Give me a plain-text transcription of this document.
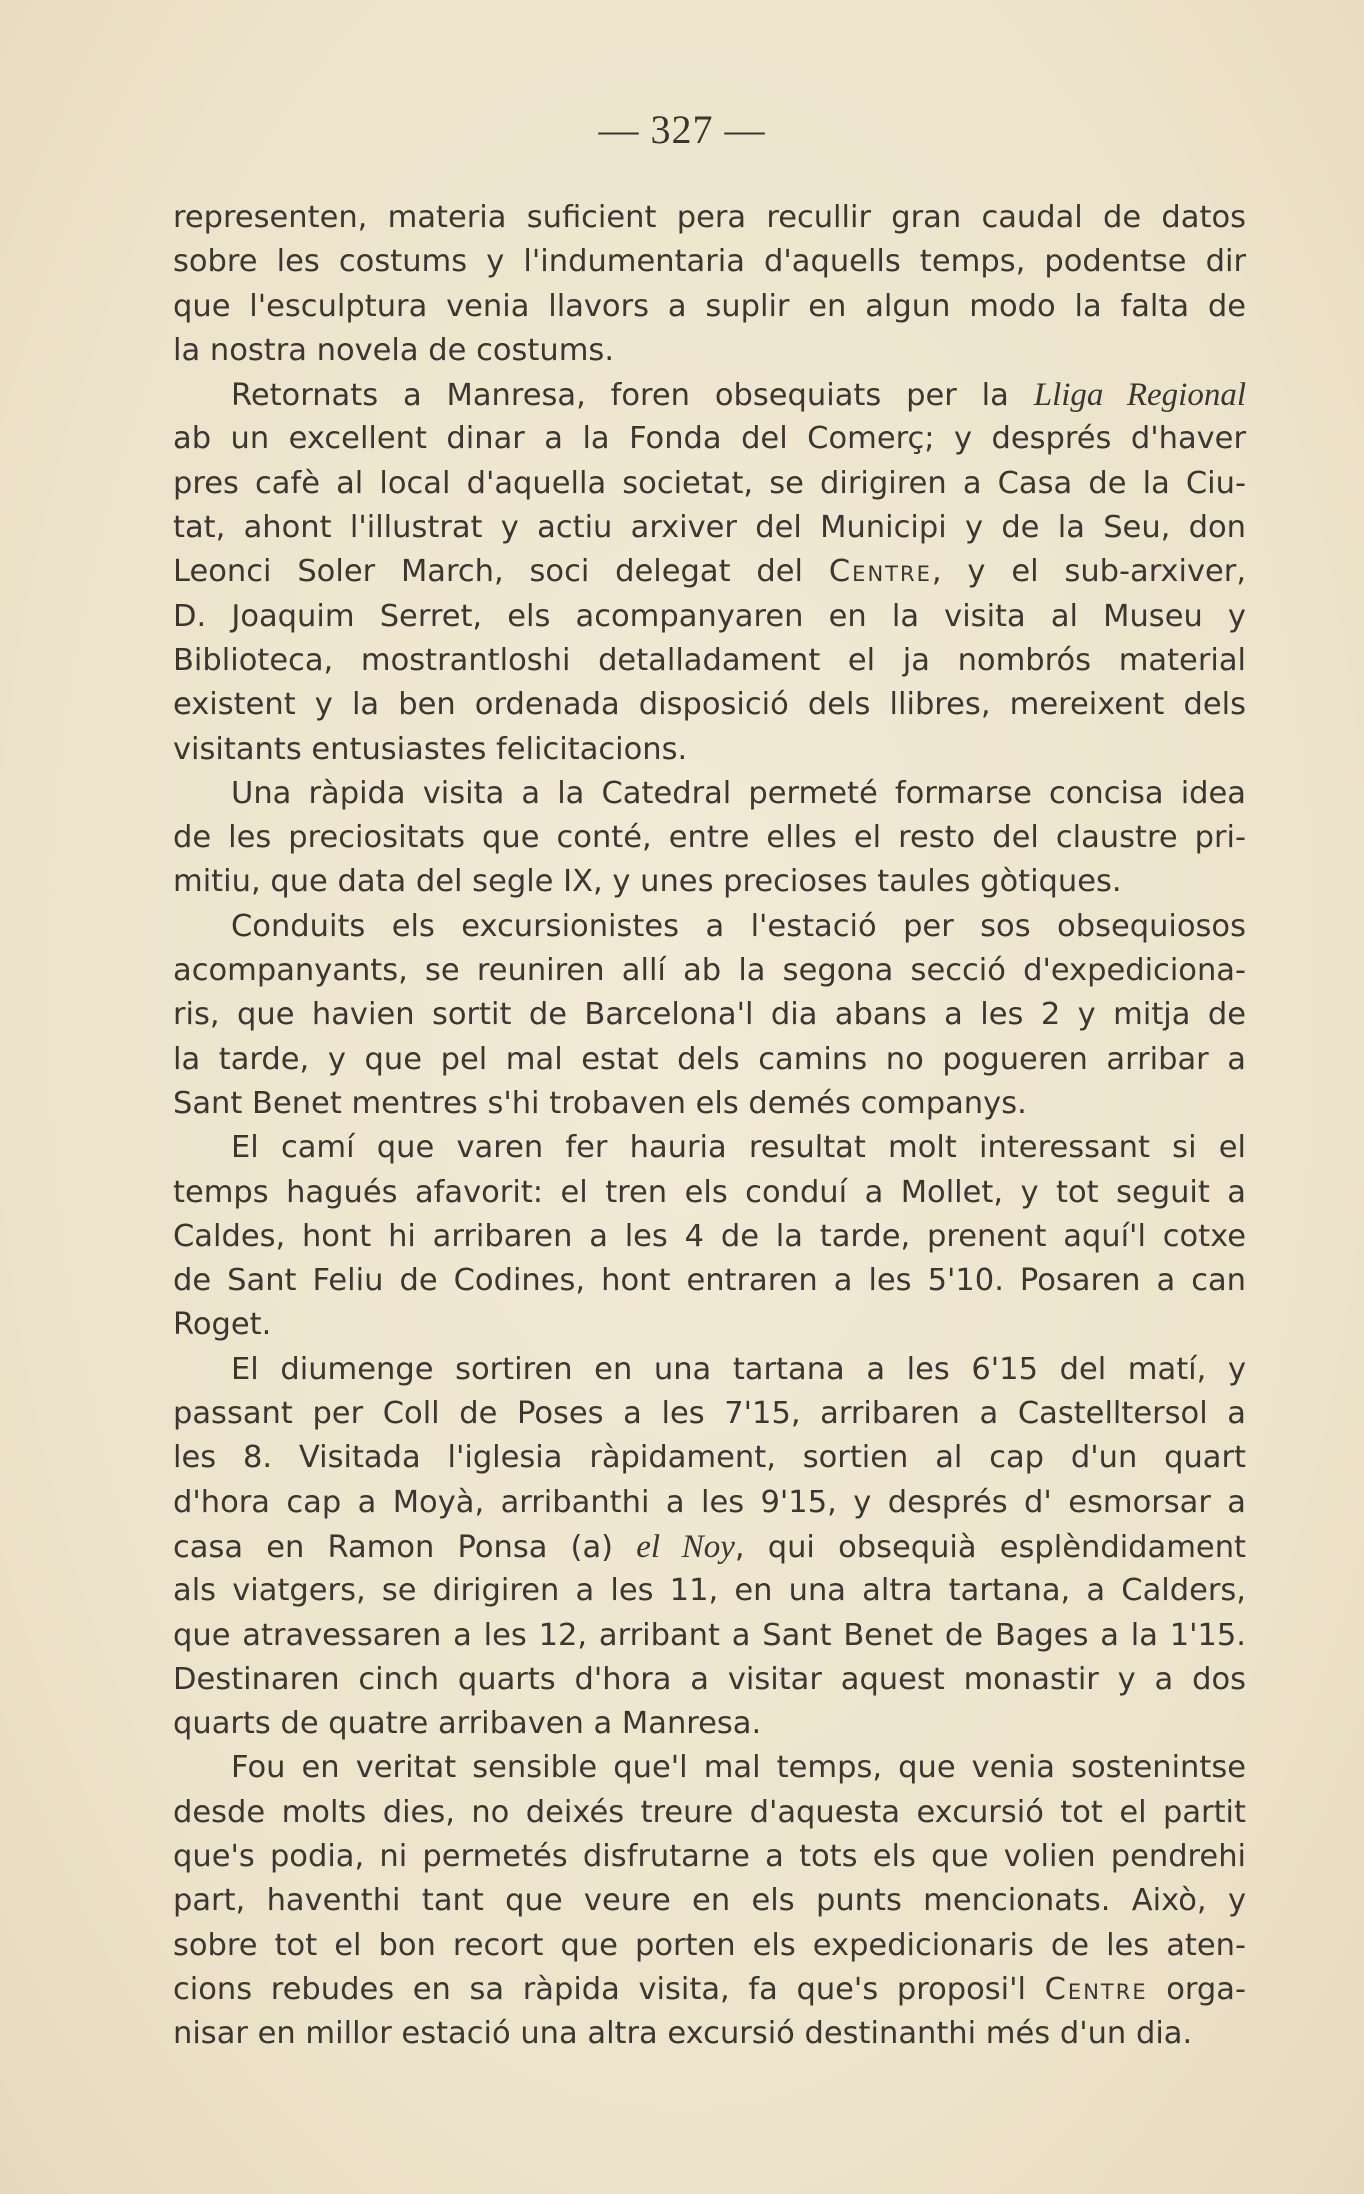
— 327 —
representen, materia suficient pera recullir gran caudal de datos
sobre les costums y l'indumentaria d'aquells temps, podentse dir
que l'esculptura venia llavors a suplir en algun modo la falta de
la nostra novela de costums.
Retornats a Manresa, foren obsequiats per la Lliga Regional
ab un excellent dinar a la Fonda del Comerç; y després d'haver
pres cafè al local d'aquella societat, se dirigiren a Casa de la Ciu-
tat, ahont l'illustrat y actiu arxiver del Municipi y de la Seu, don
Leonci Soler March, soci delegat del Centre, y el sub-arxiver,
D. Joaquim Serret, els acompanyaren en la visita al Museu y
Biblioteca, mostrantloshi detalladament el ja nombrós material
existent y la ben ordenada disposició dels llibres, mereixent dels
visitants entusiastes felicitacions.
Una ràpida visita a la Catedral permeté formarse concisa idea
de les preciositats que conté, entre elles el resto del claustre pri-
mitiu, que data del segle IX, y unes precioses taules gòtiques.
Conduits els excursionistes a l'estació per sos obsequiosos
acompanyants, se reuniren allí ab la segona secció d'expediciona-
ris, que havien sortit de Barcelona'l dia abans a les 2 y mitja de
la tarde, y que pel mal estat dels camins no pogueren arribar a
Sant Benet mentres s'hi trobaven els demés companys.
El camí que varen fer hauria resultat molt interessant si el
temps hagués afavorit: el tren els conduí a Mollet, y tot seguit a
Caldes, hont hi arribaren a les 4 de la tarde, prenent aquí'l cotxe
de Sant Feliu de Codines, hont entraren a les 5'10. Posaren a can
Roget.
El diumenge sortiren en una tartana a les 6'15 del matí, y
passant per Coll de Poses a les 7'15, arribaren a Castelltersol a
les 8. Visitada l'iglesia ràpidament, sortien al cap d'un quart
d'hora cap a Moyà, arribanthi a les 9'15, y després d' esmorsar a
casa en Ramon Ponsa (a) el Noy, qui obsequià esplèndidament
als viatgers, se dirigiren a les 11, en una altra tartana, a Calders,
que atravessaren a les 12, arribant a Sant Benet de Bages a la 1'15.
Destinaren cinch quarts d'hora a visitar aquest monastir y a dos
quarts de quatre arribaven a Manresa.
Fou en veritat sensible que'l mal temps, que venia sostenintse
desde molts dies, no deixés treure d'aquesta excursió tot el partit
que's podia, ni permetés disfrutarne a tots els que volien pendrehi
part, haventhi tant que veure en els punts mencionats. Això, y
sobre tot el bon recort que porten els expedicionaris de les aten-
cions rebudes en sa ràpida visita, fa que's proposi'l Centre orga-
nisar en millor estació una altra excursió destinanthi més d'un dia.
